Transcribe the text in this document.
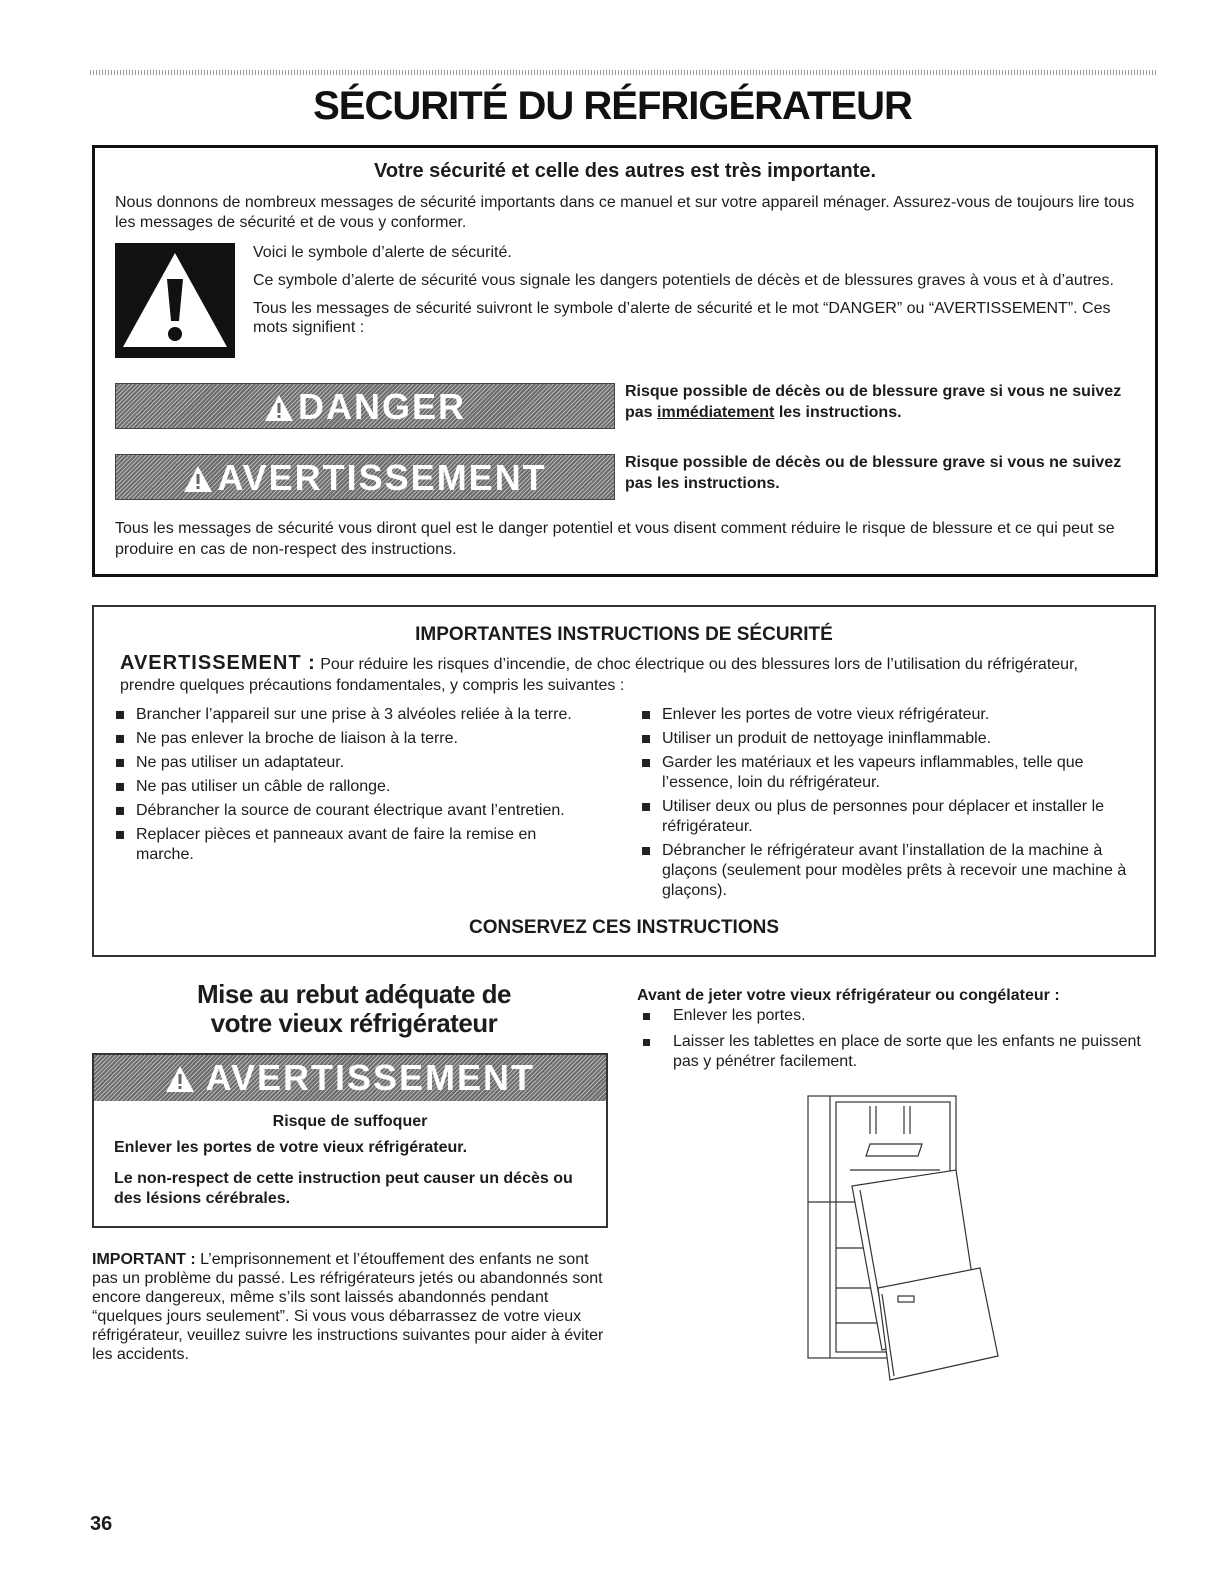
SÉCURITÉ DU RÉFRIGÉRATEUR
Votre sécurité et celle des autres est très importante.
Nous donnons de nombreux messages de sécurité importants dans ce manuel et sur votre appareil ménager. Assurez-vous de toujours lire tous les messages de sécurité et de vous y conformer.

Voici le symbole d’alerte de sécurité.

Ce symbole d’alerte de sécurité vous signale les dangers potentiels de décès et de blessures graves à vous et à d’autres.

Tous les messages de sécurité suivront le symbole d’alerte de sécurité et le mot “DANGER” ou “AVERTISSEMENT”. Ces mots signifient :

DANGER	Risque possible de décès ou de blessure grave si vous ne suivez pas immédiatement les instructions.
AVERTISSEMENT	Risque possible de décès ou de blessure grave si vous ne suivez pas les instructions.
Tous les messages de sécurité vous diront quel est le danger potentiel et vous disent comment réduire le risque de blessure et ce qui peut se produire en cas de non-respect des instructions.
IMPORTANTES INSTRUCTIONS DE SÉCURITÉ
AVERTISSEMENT : Pour réduire les risques d’incendie, de choc électrique ou des blessures lors de l’utilisation du réfrigérateur, prendre quelques précautions fondamentales, y compris les suivantes :
Brancher l’appareil sur une prise à 3 alvéoles reliée à la terre.
Ne pas enlever la broche de liaison à la terre.
Ne pas utiliser un adaptateur.
Ne pas utiliser un câble de rallonge.
Débrancher la source de courant électrique avant l’entretien.
Replacer pièces et panneaux avant de faire la remise en marche.
Enlever les portes de votre vieux réfrigérateur.
Utiliser un produit de nettoyage ininflammable.
Garder les matériaux et les vapeurs inflammables, telle que l’essence, loin du réfrigérateur.
Utiliser deux ou plus de personnes pour déplacer et installer le réfrigérateur.
Débrancher le réfrigérateur avant l’installation de la machine à glaçons (seulement pour modèles prêts à recevoir une machine à glaçons).
CONSERVEZ CES INSTRUCTIONS
Mise au rebut adéquate de
votre vieux réfrigérateur
AVERTISSEMENT
Risque de suffoquer
Enlever les portes de votre vieux réfrigérateur.
Le non-respect de cette instruction peut causer un décès ou des lésions cérébrales.
IMPORTANT : L’emprisonnement et l’étouffement des enfants ne sont pas un problème du passé. Les réfrigérateurs jetés ou abandonnés sont encore dangereux, même s’ils sont laissés abandonnés pendant “quelques jours seulement”. Si vous vous débarrassez de votre vieux réfrigérateur, veuillez suivre les instructions suivantes pour aider à éviter les accidents.
Avant de jeter votre vieux réfrigérateur ou congélateur :
Enlever les portes.
Laisser les tablettes en place de sorte que les enfants ne puissent pas y pénétrer facilement.
36
